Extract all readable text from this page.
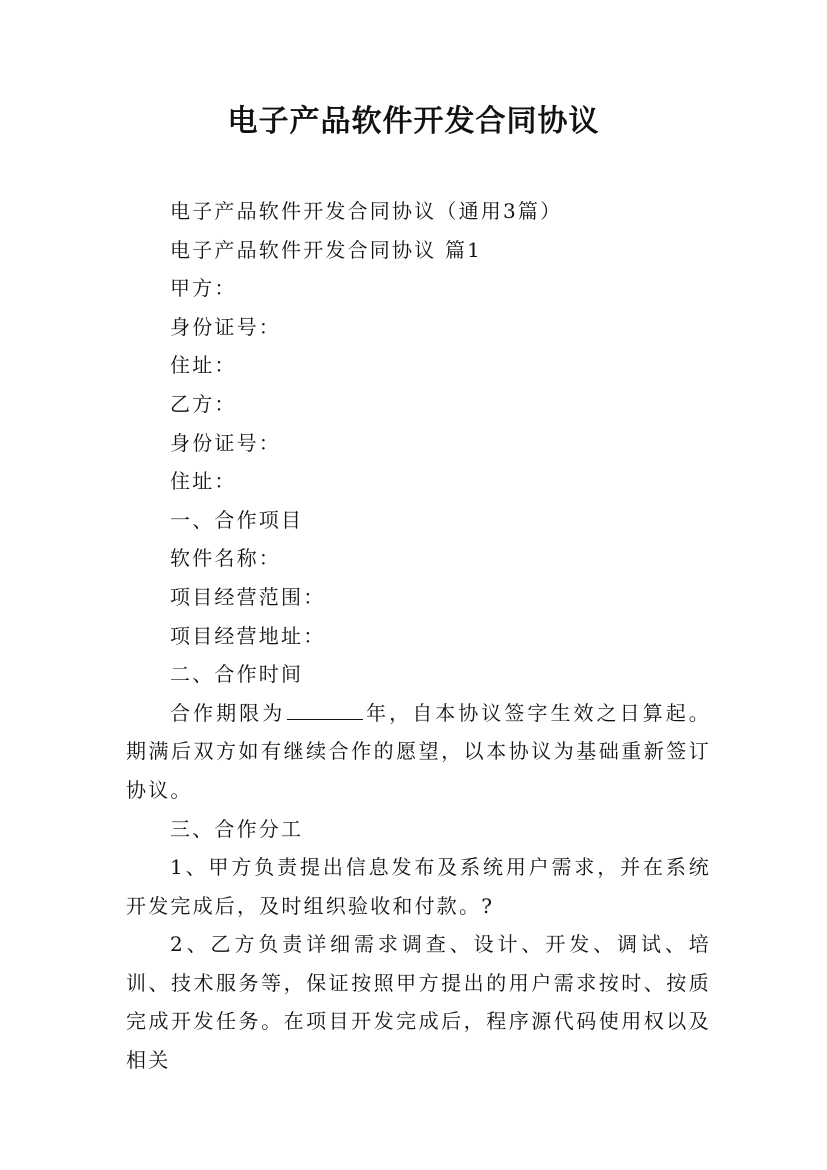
电子产品软件开发合同协议

电子产品软件开发合同协议（通用3篇）

电子产品软件开发合同协议 篇1

甲方：

身份证号：

住址：

乙方：

身份证号：

住址：

一、合作项目

软件名称：

项目经营范围：

项目经营地址：

二、合作时间

合作期限为	年，自本协议签字生效之日算起。期满后双方如有继续合作的愿望，以本协议为基础重新签订协议。

三、合作分工

1、甲方负责提出信息发布及系统用户需求，并在系统开发完成后，及时组织验收和付款。?

2、乙方负责详细需求调查、设计、开发、调试、培训、技术服务等，保证按照甲方提出的用户需求按时、按质完成开发任务。在项目开发完成后，程序源代码使用权以及相关
